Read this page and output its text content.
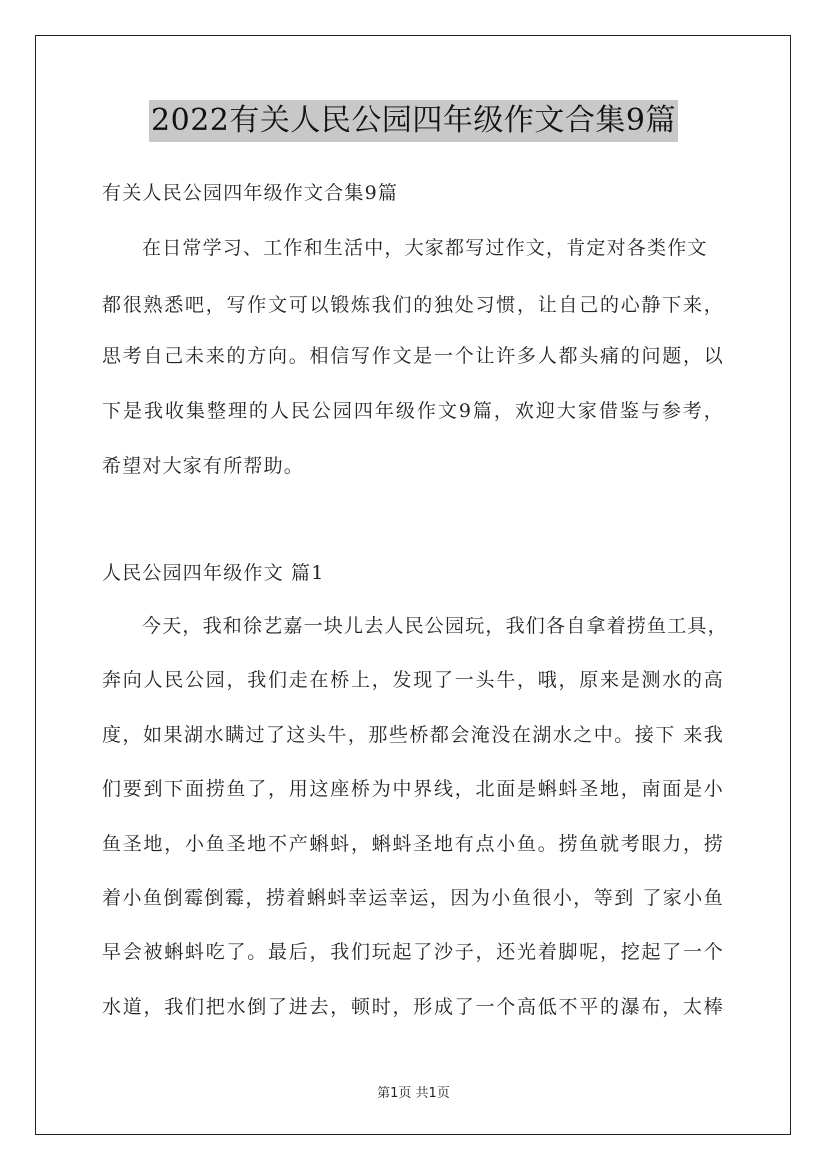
2022有关人民公园四年级作文合集9篇
有关人民公园四年级作文合集9篇
在日常学习、工作和生活中，大家都写过作文，肯定对各类作文
都很熟悉吧，写作文可以锻炼我们的独处习惯，让自己的心静下来，
思考自己未来的方向。相信写作文是一个让许多人都头痛的问题，以
下是我收集整理的人民公园四年级作文9篇，欢迎大家借鉴与参考，
希望对大家有所帮助。
人民公园四年级作文 篇1
今天，我和徐艺嘉一块儿去人民公园玩，我们各自拿着捞鱼工具，
奔向人民公园，我们走在桥上，发现了一头牛，哦，原来是测水的高
度，如果湖水瞒过了这头牛，那些桥都会淹没在湖水之中。接下 来我
们要到下面捞鱼了，用这座桥为中界线，北面是蝌蚪圣地，南面是小
鱼圣地，小鱼圣地不产蝌蚪，蝌蚪圣地有点小鱼。捞鱼就考眼力，捞
着小鱼倒霉倒霉，捞着蝌蚪幸运幸运，因为小鱼很小，等到 了家小鱼
早会被蝌蚪吃了。最后，我们玩起了沙子，还光着脚呢，挖起了一个
水道，我们把水倒了进去，顿时，形成了一个高低不平的瀑布，太棒
第1页 共1页
